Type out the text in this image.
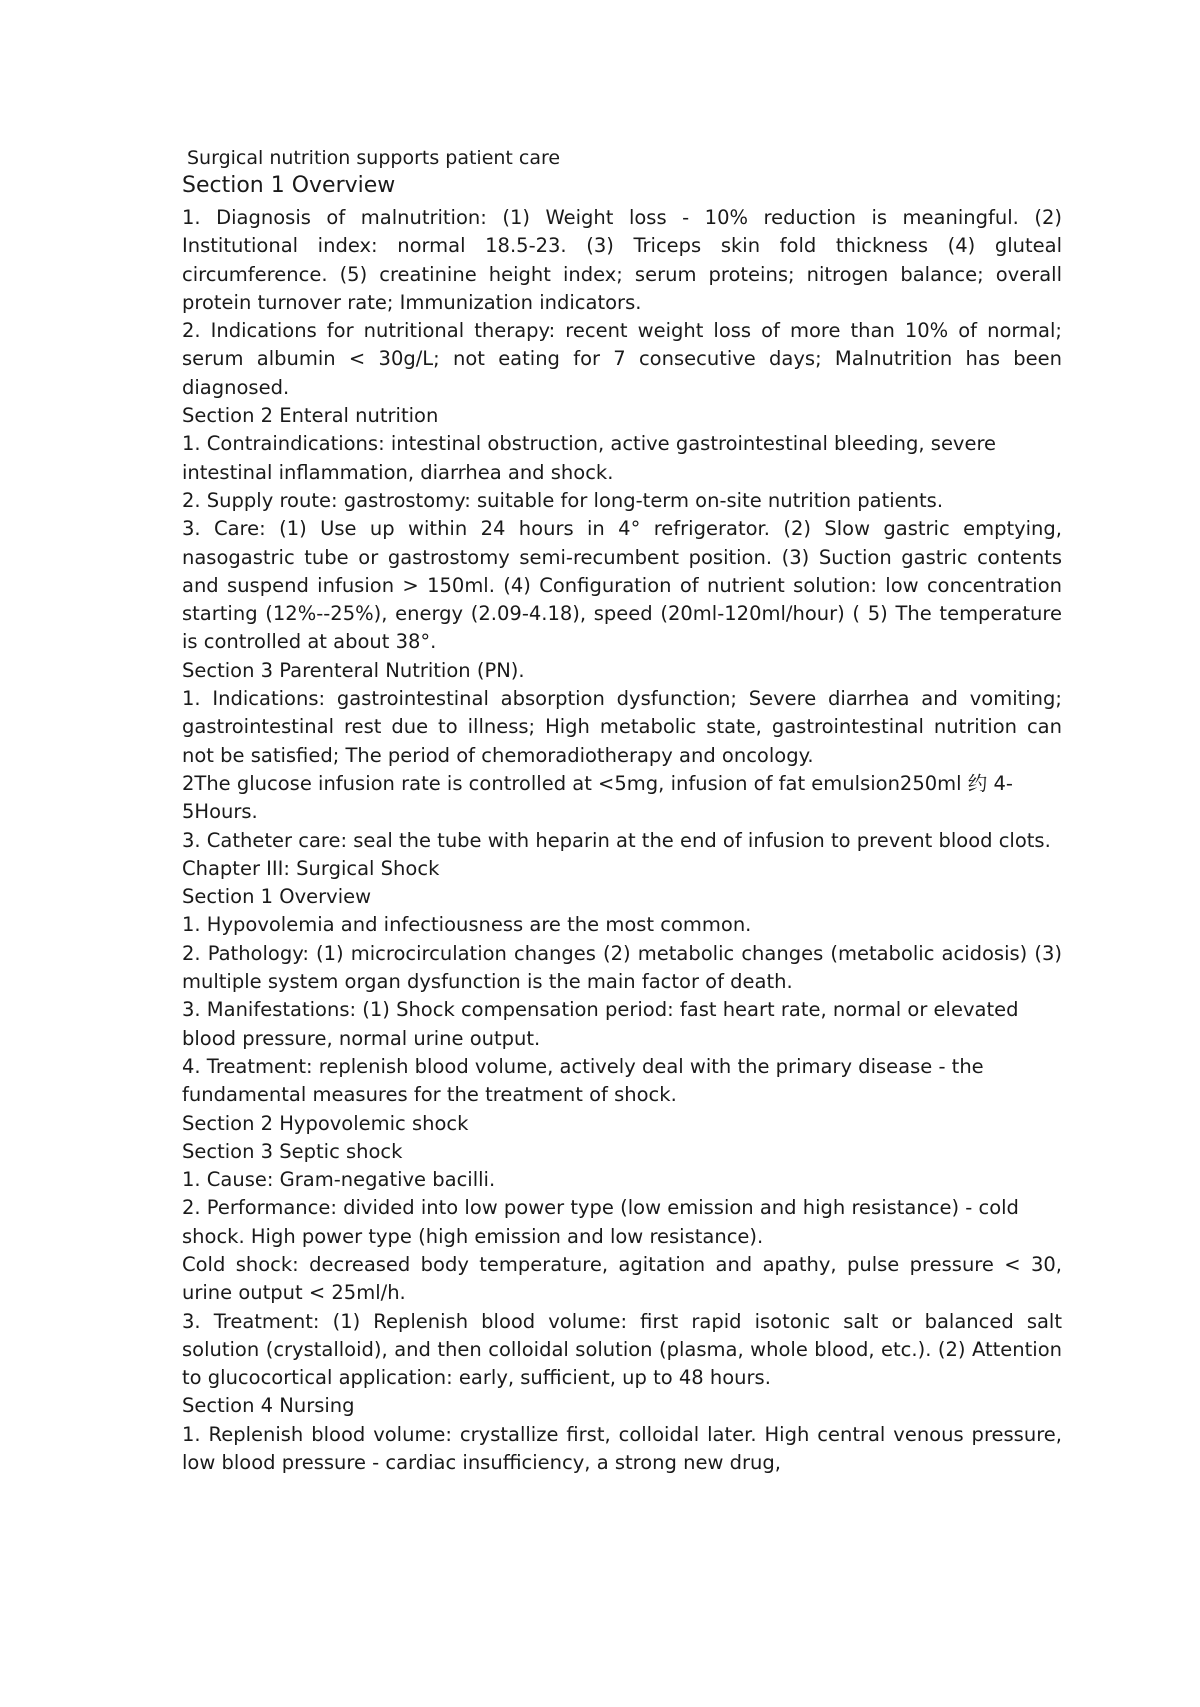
Surgical nutrition supports patient care
Section 1 Overview
1. Diagnosis of malnutrition: (1) Weight loss - 10% reduction is meaningful. (2) Institutional index: normal 18.5-23. (3) Triceps skin fold thickness (4) gluteal circumference. (5) creatinine height index; serum proteins; nitrogen balance; overall protein turnover rate; Immunization indicators.
2. Indications for nutritional therapy: recent weight loss of more than 10% of normal; serum albumin < 30g/L; not eating for 7 consecutive days; Malnutrition has been diagnosed.
Section 2 Enteral nutrition
1. Contraindications: intestinal obstruction, active gastrointestinal bleeding, severe intestinal inflammation, diarrhea and shock.
2. Supply route: gastrostomy: suitable for long-term on-site nutrition patients.
3. Care: (1) Use up within 24 hours in 4° refrigerator. (2) Slow gastric emptying, nasogastric tube or gastrostomy semi-recumbent position. (3) Suction gastric contents and suspend infusion > 150ml. (4) Configuration of nutrient solution: low concentration starting (12%--25%), energy (2.09-4.18), speed (20ml-120ml/hour) ( 5) The temperature is controlled at about 38°.
Section 3 Parenteral Nutrition (PN).
1. Indications: gastrointestinal absorption dysfunction; Severe diarrhea and vomiting; gastrointestinal rest due to illness; High metabolic state, gastrointestinal nutrition can not be satisfied; The period of chemoradiotherapy and oncology.
2The glucose infusion rate is controlled at <5mg, infusion of fat emulsion250ml 约 4-5Hours.
3. Catheter care: seal the tube with heparin at the end of infusion to prevent blood clots.
Chapter III: Surgical Shock
Section 1 Overview
1. Hypovolemia and infectiousness are the most common.
2. Pathology: (1) microcirculation changes (2) metabolic changes (metabolic acidosis) (3) multiple system organ dysfunction is the main factor of death.
3. Manifestations: (1) Shock compensation period: fast heart rate, normal or elevated blood pressure, normal urine output.
4. Treatment: replenish blood volume, actively deal with the primary disease - the fundamental measures for the treatment of shock.
Section 2 Hypovolemic shock
Section 3 Septic shock
1. Cause: Gram-negative bacilli.
2. Performance: divided into low power type (low emission and high resistance) - cold shock. High power type (high emission and low resistance).
Cold shock: decreased body temperature, agitation and apathy, pulse pressure < 30, urine output < 25ml/h.
3. Treatment: (1) Replenish blood volume: first rapid isotonic salt or balanced salt solution (crystalloid), and then colloidal solution (plasma, whole blood, etc.). (2) Attention to glucocortical application: early, sufficient, up to 48 hours.
Section 4 Nursing
1. Replenish blood volume: crystallize first, colloidal later. High central venous pressure, low blood pressure - cardiac insufficiency, a strong new drug,
